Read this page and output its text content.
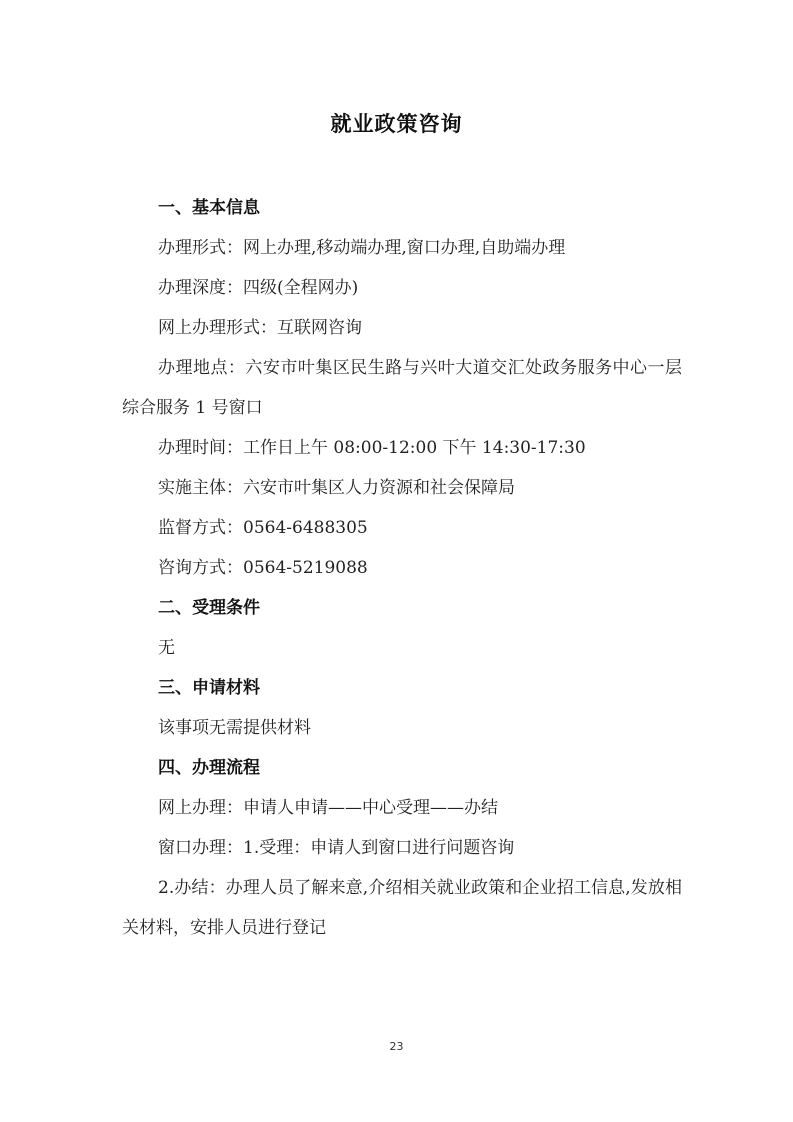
就业政策咨询

一、基本信息

办理形式：网上办理,移动端办理,窗口办理,自助端办理

办理深度：四级(全程网办)

网上办理形式：互联网咨询

办理地点：六安市叶集区民生路与兴叶大道交汇处政务服务中心一层综合服务 1 号窗口

办理时间：工作日上午 08:00-12:00 下午 14:30-17:30

实施主体：六安市叶集区人力资源和社会保障局

监督方式：0564-6488305

咨询方式：0564-5219088

二、受理条件

无

三、申请材料

该事项无需提供材料

四、办理流程

网上办理：申请人申请——中心受理——办结

窗口办理：1.受理：申请人到窗口进行问题咨询

2.办结：办理人员了解来意,介绍相关就业政策和企业招工信息,发放相关材料，安排人员进行登记

23
